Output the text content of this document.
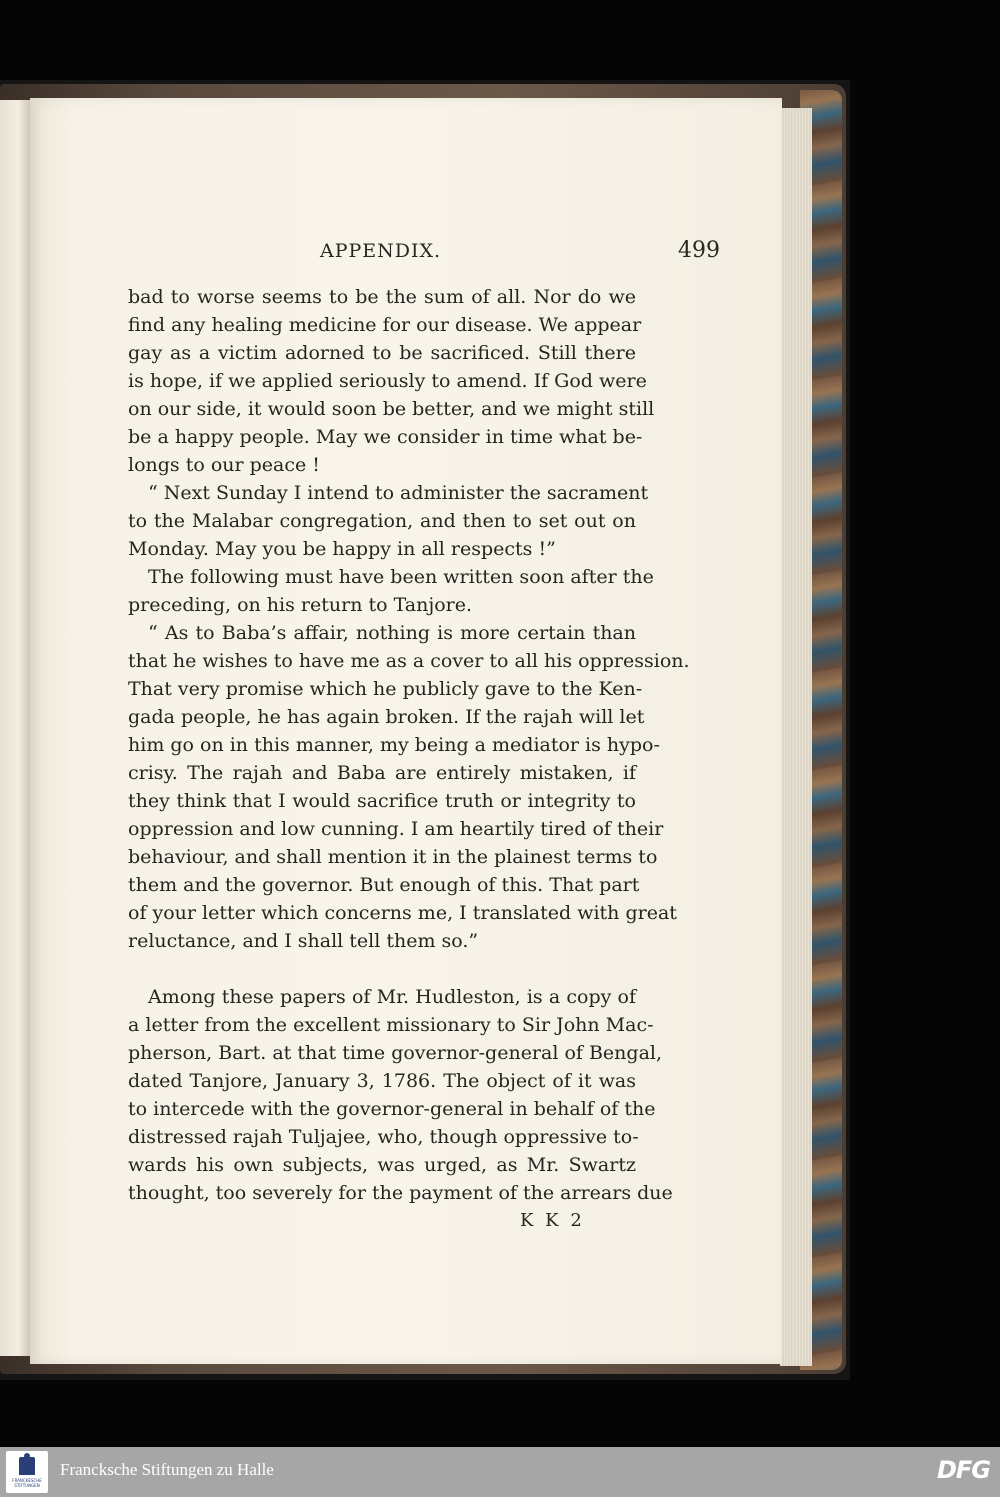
APPENDIX.	499
bad to worse seems to be the sum of all. Nor do we
find any healing medicine for our disease. We appear
gay as a victim adorned to be sacrificed. Still there
is hope, if we applied seriously to amend. If God were
on our side, it would soon be better, and we might still
be a happy people. May we consider in time what be-
longs to our peace !
“ Next Sunday I intend to administer the sacrament
to the Malabar congregation, and then to set out on
Monday. May you be happy in all respects !”
The following must have been written soon after the
preceding, on his return to Tanjore.
“ As to Baba’s affair, nothing is more certain than
that he wishes to have me as a cover to all his oppression.
That very promise which he publicly gave to the Ken-
gada people, he has again broken. If the rajah will let
him go on in this manner, my being a mediator is hypo-
crisy. The rajah and Baba are entirely mistaken, if
they think that I would sacrifice truth or integrity to
oppression and low cunning. I am heartily tired of their
behaviour, and shall mention it in the plainest terms to
them and the governor. But enough of this. That part
of your letter which concerns me, I translated with great
reluctance, and I shall tell them so.”
Among these papers of Mr. Hudleston, is a copy of
a letter from the excellent missionary to Sir John Mac-
pherson, Bart. at that time governor-general of Bengal,
dated Tanjore, January 3, 1786. The object of it was
to intercede with the governor-general in behalf of the
distressed rajah Tuljajee, who, though oppressive to-
wards his own subjects, was urged, as Mr. Swartz
thought, too severely for the payment of the arrears due
K K 2
FRANCKESCHE STIFTUNGEN
Francksche Stiftungen zu Halle	DFG
